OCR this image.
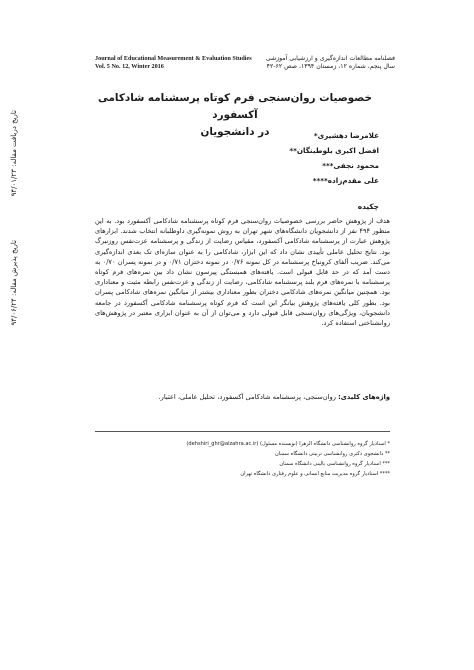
Journal of Educational Measurement & Evaluation Studies
Vol. 5 No. 12, Winter 2016
فصلنامه مطالعات اندازه‌گیری و ارزشیابی آموزشی
سال پنجم، شماره ۱۲، زمستان ۱۳۹۴، صص ۶۲-۴۲
خصوصیات روان‌سنجی فرم کوتاه پرسشنامه شادکامی آکسفورد
در دانشجویان	غلامرضا دهشیری*
افضل اکبری بلوطبنگان**
محمود نجفی***
علی مقدم‌زاده****
تاریخ دریافت مقاله: ۹۴/۰۱/۲۳
تاریخ پذیرش مقاله: ۹۴/۰۶/۲۴
چکیده
هدف از پژوهش حاضر بررسی خصوصیات روان‌سنجی فرم کوتاه پرسشنامه شادکامی آکسفورد بود. به این منظور ۴۹۴ نفر از دانشجویان دانشگاه‌های شهر تهران به روش نمونه‌گیری داوطلبانه انتخاب شدند. ابزارهای پژوهش عبارت از پرسشنامه شادکامی آکسفورد، مقیاس رضایت از زندگی و پرسشنامه عزت‌نفس روزنبرگ بود. نتایج تحلیل عاملی تأییدی نشان داد که این ابزار، شادکامی را به عنوان سازه‌ای تک بعدی اندازه‌گیری می‌کند. ضریب آلفای کرونباخ پرسشنامه در کل نمونه ۰/۷۶ در نمونه دختران ۰/۷۱ و در نمونه پسران ۰/۷۰ به دست آمد که در حد قابل قبولی است. یافته‌های همبستگی پیرسون نشان داد بین نمره‌های فرم کوتاه پرسشنامه با نمره‌های فرم بلند پرسشنامه شادکامی، رضایت از زندگی و عزت‌نفس رابطه مثبت و معناداری بود. همچنین میانگین نمره‌های شادکامی دختران بطور معناداری بیشتر از میانگین نمره‌های شادکامی پسران بود. بطور کلی یافته‌های پژوهش بیانگر این است که فرم کوتاه پرسشنامه شادکامی آکسفورد در جامعه دانشجویان، ویژگی‌های روان‌سنجی قابل قبولی دارد و می‌توان از آن به عنوان ابزاری معتبر در پژوهش‌های روانشناختی استفاده کرد.
واژه‌های کلیدی: روان‌سنجی، پرسشنامه شادکامی آکسفورد، تحلیل عاملی، اعتبار.
* استادیار گروه روانشناسی دانشگاه الزهرا (نویسنده مسئول) (dehshiri_ghr@alzahra.ac.ir)
** دانشجوی دکتری روانشناسی تربیتی دانشگاه سمنان
*** استادیار گروه روانشناسی بالینی دانشگاه سمنان
**** استادیار گروه مدیریت منابع انسانی و علوم رفتاری دانشگاه تهران
